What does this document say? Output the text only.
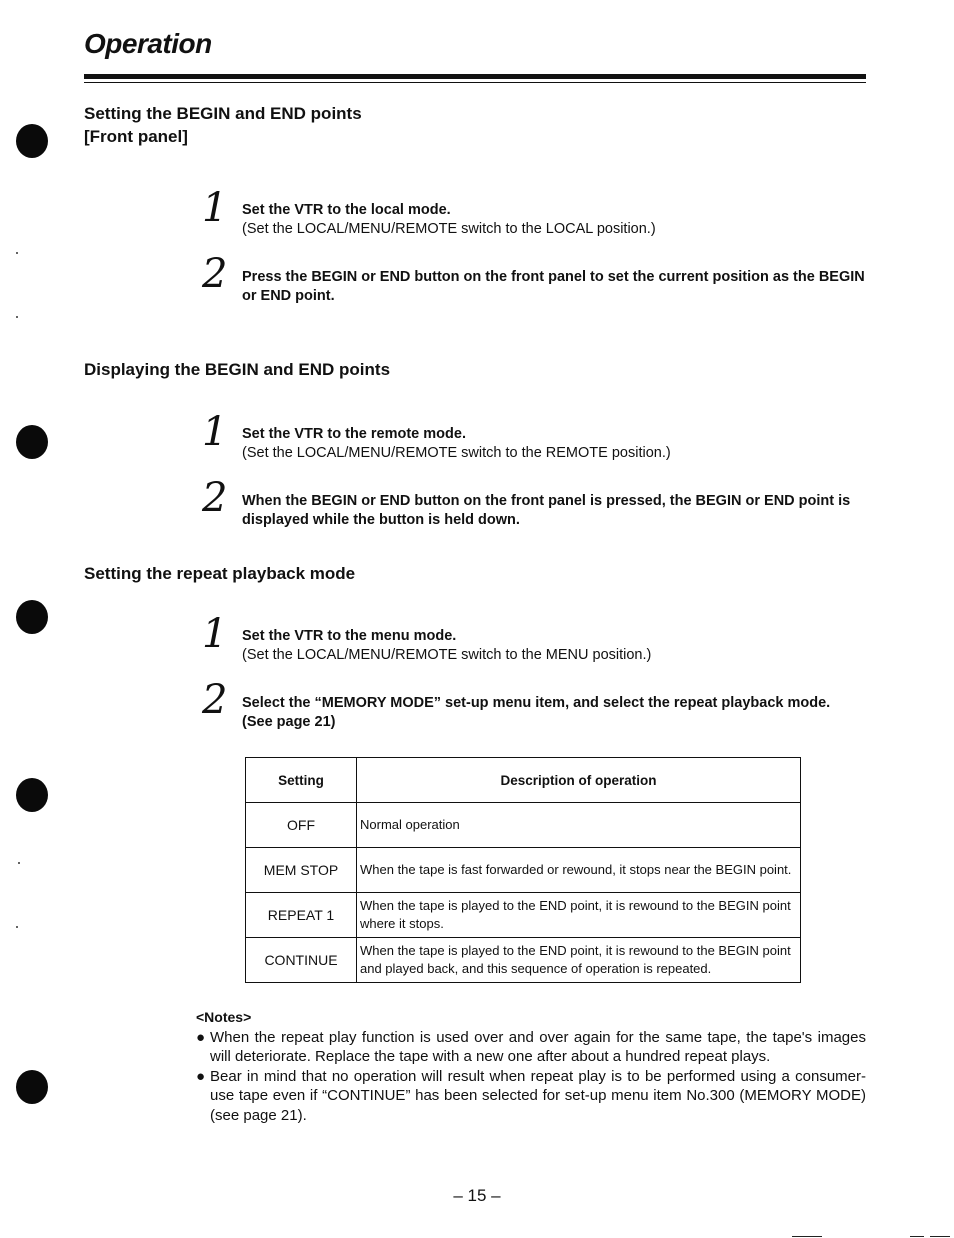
Operation
Setting the BEGIN and END points
[Front panel]
1 Set the VTR to the local mode.
(Set the LOCAL/MENU/REMOTE switch to the LOCAL position.)
2 Press the BEGIN or END button on the front panel to set the current position as the BEGIN or END point.
Displaying the BEGIN and END points
1 Set the VTR to the remote mode.
(Set the LOCAL/MENU/REMOTE switch to the REMOTE position.)
2 When the BEGIN or END button on the front panel is pressed, the BEGIN or END point is displayed while the button is held down.
Setting the repeat playback mode
1 Set the VTR to the menu mode.
(Set the LOCAL/MENU/REMOTE switch to the MENU position.)
2 Select the “MEMORY MODE” set-up menu item, and select the repeat playback mode. (See page 21)
Setting	Description of operation
OFF	Normal operation
MEM STOP	When the tape is fast forwarded or rewound, it stops near the BEGIN point.
REPEAT 1	When the tape is played to the END point, it is rewound to the BEGIN point where it stops.
CONTINUE	When the tape is played to the END point, it is rewound to the BEGIN point and played back, and this sequence of operation is repeated.
<Notes>
● When the repeat play function is used over and over again for the same tape, the tape's images will deteriorate. Replace the tape with a new one after about a hundred repeat plays.
● Bear in mind that no operation will result when repeat play is to be performed using a consumer-use tape even if “CONTINUE” has been selected for set-up menu item No.300 (MEMORY MODE) (see page 21).
– 15 –
